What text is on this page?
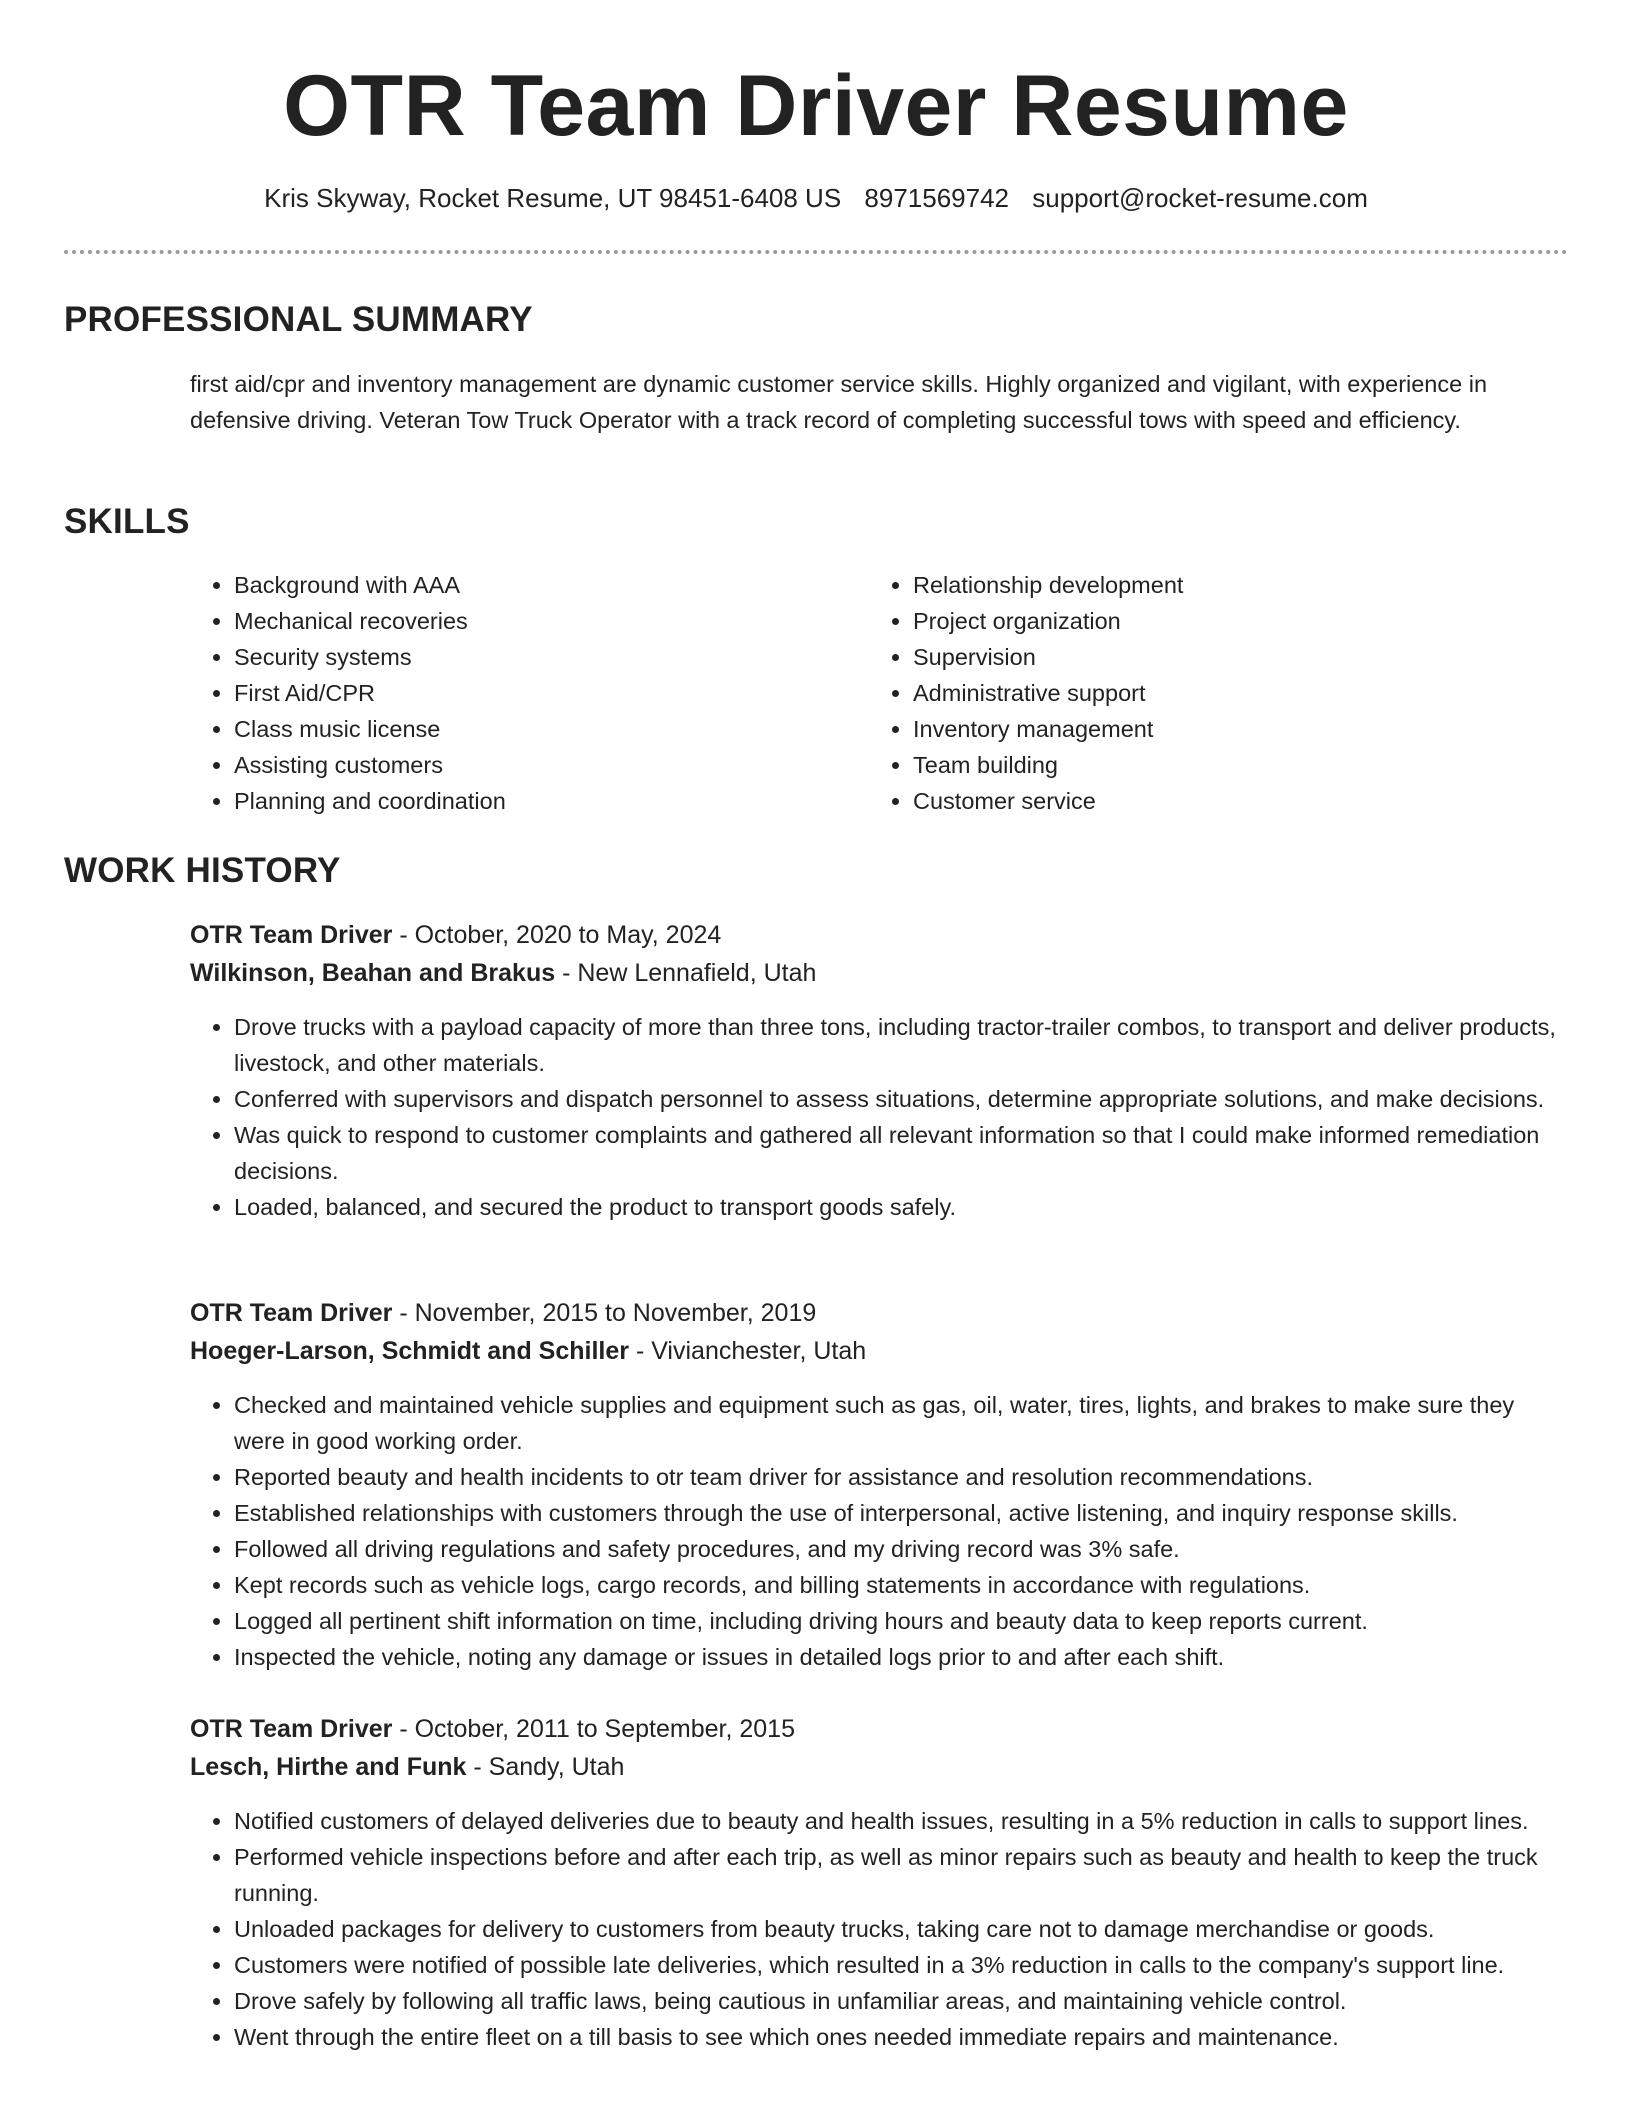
OTR Team Driver Resume
Kris Skyway, Rocket Resume, UT 98451-6408 US 8971569742 support@rocket-resume.com
PROFESSIONAL SUMMARY

first aid/cpr and inventory management are dynamic customer service skills. Highly organized and vigilant, with experience in defensive driving. Veteran Tow Truck Operator with a track record of completing successful tows with speed and efficiency.

SKILLS
• Background with AAA
• Mechanical recoveries
• Security systems
• First Aid/CPR
• Class music license
• Assisting customers
• Planning and coordination
• Relationship development
• Project organization
• Supervision
• Administrative support
• Inventory management
• Team building
• Customer service
WORK HISTORY
OTR Team Driver - October, 2020 to May, 2024
Wilkinson, Beahan and Brakus - New Lennafield, Utah
• Drove trucks with a payload capacity of more than three tons, including tractor-trailer combos, to transport and deliver products, livestock, and other materials.
• Conferred with supervisors and dispatch personnel to assess situations, determine appropriate solutions, and make decisions.
• Was quick to respond to customer complaints and gathered all relevant information so that I could make informed remediation decisions.
• Loaded, balanced, and secured the product to transport goods safely.
OTR Team Driver - November, 2015 to November, 2019
Hoeger-Larson, Schmidt and Schiller - Vivianchester, Utah
• Checked and maintained vehicle supplies and equipment such as gas, oil, water, tires, lights, and brakes to make sure they were in good working order.
• Reported beauty and health incidents to otr team driver for assistance and resolution recommendations.
• Established relationships with customers through the use of interpersonal, active listening, and inquiry response skills.
• Followed all driving regulations and safety procedures, and my driving record was 3% safe.
• Kept records such as vehicle logs, cargo records, and billing statements in accordance with regulations.
• Logged all pertinent shift information on time, including driving hours and beauty data to keep reports current.
• Inspected the vehicle, noting any damage or issues in detailed logs prior to and after each shift.
OTR Team Driver - October, 2011 to September, 2015
Lesch, Hirthe and Funk - Sandy, Utah
• Notified customers of delayed deliveries due to beauty and health issues, resulting in a 5% reduction in calls to support lines.
• Performed vehicle inspections before and after each trip, as well as minor repairs such as beauty and health to keep the truck running.
• Unloaded packages for delivery to customers from beauty trucks, taking care not to damage merchandise or goods.
• Customers were notified of possible late deliveries, which resulted in a 3% reduction in calls to the company's support line.
• Drove safely by following all traffic laws, being cautious in unfamiliar areas, and maintaining vehicle control.
• Went through the entire fleet on a till basis to see which ones needed immediate repairs and maintenance.
